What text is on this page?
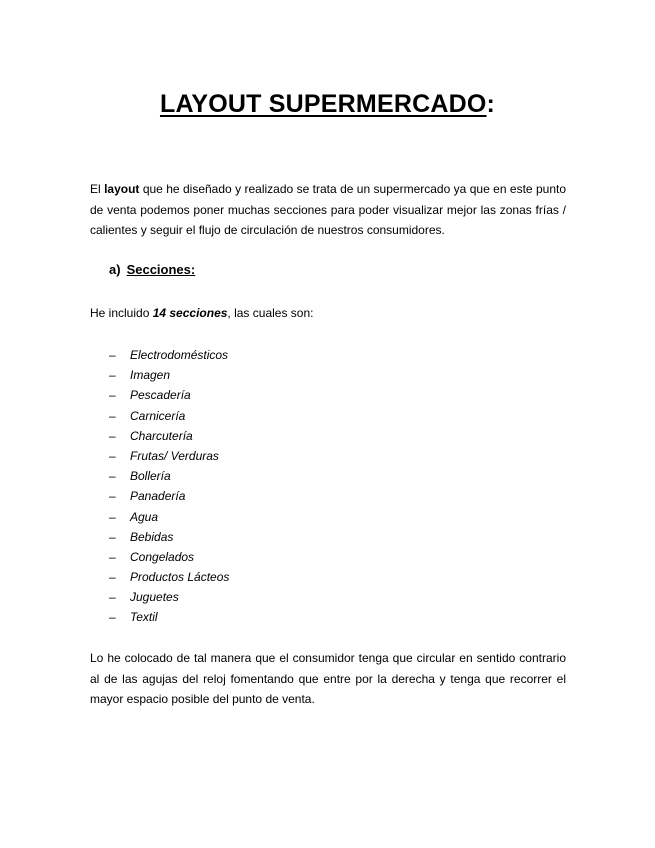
LAYOUT SUPERMERCADO:
El layout que he diseñado y realizado se trata de un supermercado ya que en este punto de venta podemos poner muchas secciones para poder visualizar mejor las zonas frías / calientes y seguir el flujo de circulación de nuestros consumidores.
a) Secciones:
He incluido 14 secciones, las cuales son:
– Electrodomésticos
– Imagen
– Pescadería
– Carnicería
– Charcutería
– Frutas/ Verduras
– Bollería
– Panadería
– Agua
– Bebidas
– Congelados
– Productos Lácteos
– Juguetes
– Textil
Lo he colocado de tal manera que el consumidor tenga que circular en sentido contrario al de las agujas del reloj fomentando que entre por la derecha y tenga que recorrer el mayor espacio posible del punto de venta.
